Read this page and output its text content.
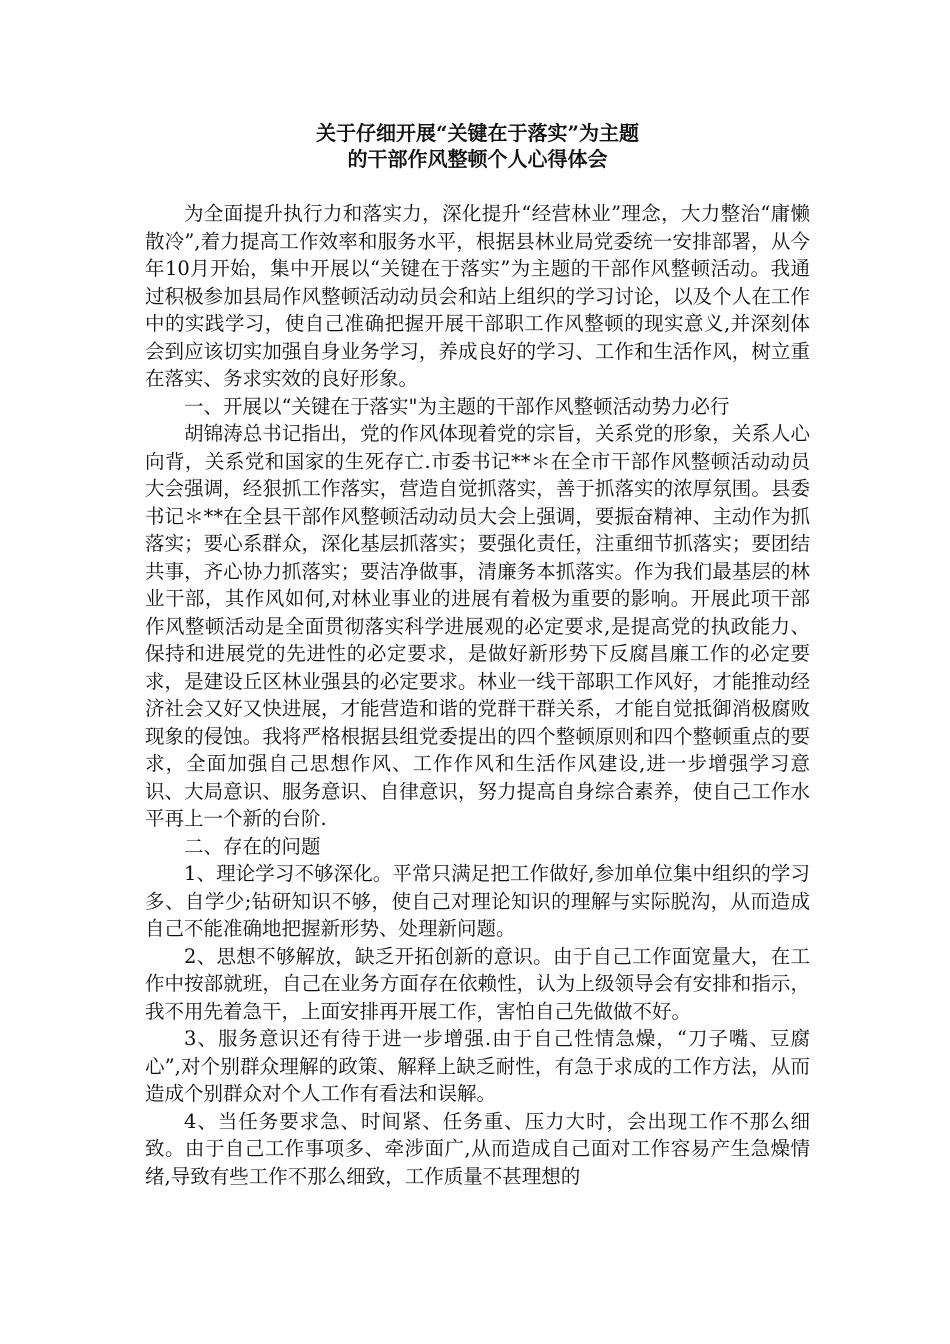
关于仔细开展“关键在于落实”为主题
的干部作风整顿个人心得体会

为全面提升执行力和落实力，深化提升“经营林业”理念，大力整治“庸懒散冷”,着力提高工作效率和服务水平，根据县林业局党委统一安排部署，从今年10月开始，集中开展以“关键在于落实”为主题的干部作风整顿活动。我通过积极参加县局作风整顿活动动员会和站上组织的学习讨论，以及个人在工作中的实践学习，使自己准确把握开展干部职工作风整顿的现实意义,并深刻体会到应该切实加强自身业务学习，养成良好的学习、工作和生活作风，树立重在落实、务求实效的良好形象。

一、开展以“关键在于落实"为主题的干部作风整顿活动势力必行

胡锦涛总书记指出，党的作风体现着党的宗旨，关系党的形象，关系人心向背，关系党和国家的生死存亡.市委书记**＊在全市干部作风整顿活动动员大会强调，经狠抓工作落实，营造自觉抓落实，善于抓落实的浓厚氛围。县委书记＊**在全县干部作风整顿活动动员大会上强调，要振奋精神、主动作为抓落实；要心系群众，深化基层抓落实；要强化责任，注重细节抓落实；要团结共事，齐心协力抓落实；要洁净做事，清廉务本抓落实。作为我们最基层的林业干部，其作风如何,对林业事业的进展有着极为重要的影响。开展此项干部作风整顿活动是全面贯彻落实科学进展观的必定要求,是提高党的执政能力、保持和进展党的先进性的必定要求，是做好新形势下反腐昌廉工作的必定要求，是建设丘区林业强县的必定要求。林业一线干部职工作风好，才能推动经济社会又好又快进展，才能营造和谐的党群干群关系，才能自觉抵御消极腐败现象的侵蚀。我将严格根据县组党委提出的四个整顿原则和四个整顿重点的要求，全面加强自己思想作风、工作作风和生活作风建设,进一步增强学习意识、大局意识、服务意识、自律意识，努力提高自身综合素养，使自己工作水平再上一个新的台阶.

二、存在的问题

1、理论学习不够深化。平常只满足把工作做好,参加单位集中组织的学习多、自学少;钻研知识不够，使自己对理论知识的理解与实际脱沟，从而造成自己不能准确地把握新形势、处理新问题。

2、思想不够解放，缺乏开拓创新的意识。由于自己工作面宽量大，在工作中按部就班，自己在业务方面存在依赖性，认为上级领导会有安排和指示，我不用先着急干，上面安排再开展工作，害怕自己先做做不好。

3、服务意识还有待于进一步增强.由于自己性情急燥，“刀子嘴、豆腐心”,对个别群众理解的政策、解释上缺乏耐性，有急于求成的工作方法，从而造成个别群众对个人工作有看法和误解。

4、当任务要求急、时间紧、任务重、压力大时，会出现工作不那么细致。由于自己工作事项多、牵涉面广,从而造成自己面对工作容易产生急燥情绪,导致有些工作不那么细致，工作质量不甚理想的
